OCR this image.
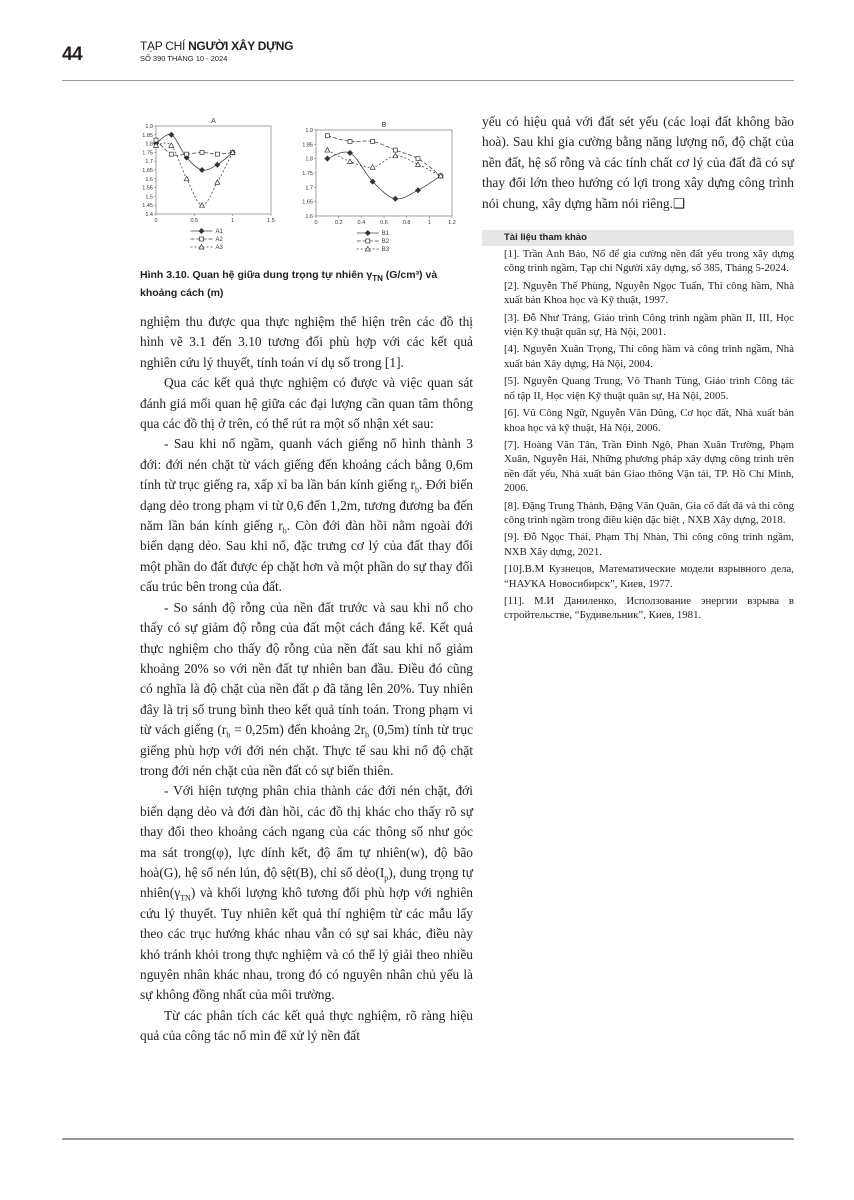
44	TẠP CHÍ NGƯỜI XÂY DỰNG
SỐ 390 THÁNG 10 - 2024
A
1.9
1.85
1.8
1.75
1.7
1.65
1.6
1.55
1.5
1.45
1.4
0	0.5	1	1.5
A1
A2
A3
B
1.9
1.85
1.8
1.75
1.7
1.65
1.6
0	0.2	0.4	0.6	0.8	1	1.2
B1
B2
B3
Hình 3.10. Quan hệ giữa dung trọng tự nhiên $\gamma_{TN}$ (G/cm³) và khoảng cách (m)

nghiệm thu được qua thực nghiệm thể hiện trên các đồ thị hình vẽ 3.1 đến 3.10 tương đối phù hợp với các kết quả nghiên cứu lý thuyết, tính toán ví dụ số trong [1].

Qua các kết quả thực nghiệm có được và việc quan sát đánh giá mối quan hệ giữa các đại lượng cần quan tâm thông qua các đồ thị ở trên, có thể rút ra một số nhận xét sau:

- Sau khi nổ ngầm, quanh vách giếng nổ hình thành 3 đới: đới nén chặt từ vách giếng đến khoảng cách bằng 0,6m tính từ trục giếng ra, xấp xỉ ba lần bán kính giếng $r_b$. Đới biến dạng dẻo trong phạm vi từ 0,6 đến 1,2m, tương đương ba đến năm lần bán kính giếng $r_b$. Còn đới đàn hồi nằm ngoài đới biến dạng dẻo. Sau khi nổ, đặc trưng cơ lý của đất thay đổi một phần do đất được ép chặt hơn và một phần do sự thay đổi cấu trúc bên trong của đất.

- So sánh độ rỗng của nền đất trước và sau khi nổ cho thấy có sự giảm độ rỗng của đất một cách đáng kể. Kết quả thực nghiệm cho thấy độ rỗng của nền đất sau khi nổ giảm khoảng 20% so với nền đất tự nhiên ban đầu. Điều đó cũng có nghĩa là độ chặt của nền đất ρ đã tăng lên 20%. Tuy nhiên đây là trị số trung bình theo kết quả tính toán. Trong phạm vi từ vách giếng $(r_b = 0,25m)$ đến khoảng $2r_b$ (0,5m) tính từ trục giếng phù hợp với đới nén chặt. Thực tế sau khi nổ độ chặt trong đới nén chặt của nền đất có sự biến thiên.

- Với hiện tượng phân chia thành các đới nén chặt, đới biến dạng dẻo và đới đàn hồi, các đồ thị khác cho thấy rõ sự thay đổi theo khoảng cách ngang của các thông số như góc ma sát trong(φ), lực dính kết, độ ẩm tự nhiên(w), độ bão hoà(G), hệ số nén lún, độ sệt(B), chỉ số $dẻo(I_p)$, dung trọng tự $nhiên(\gamma_{TN})$ và khối lượng khô tương đối phù hợp với nghiên cứu lý thuyết. Tuy nhiên kết quả thí nghiệm từ các mẫu lấy theo các trục hướng khác nhau vẫn có sự sai khác, điều này khó tránh khỏi trong thực nghiệm và có thể lý giải theo nhiều nguyên nhân khác nhau, trong đó có nguyên nhân chủ yếu là sự không đồng nhất của môi trường.

Từ các phân tích các kết quả thực nghiệm, rõ ràng hiệu quả của công tác nổ mìn để xử lý nền đất

yếu có hiệu quả với đất sét yếu (các loại đất không bão hoà). Sau khi gia cường bằng năng lượng nổ, độ chặt của nền đất, hệ số rỗng và các tính chất cơ lý của đất đã có sự thay đổi lớn theo hướng có lợi trong xây dựng công trình nói chung, xây dựng hầm nói riêng.❑

Tài liệu tham khảo
[1]. Trần Anh Bảo, Nổ để gia cường nền đất yếu trong xây dựng công trình ngầm, Tạp chí Người xây dựng, số 385, Tháng 5-2024.
[2]. Nguyễn Thế Phùng, Nguyễn Ngọc Tuấn, Thi công hầm, Nhà xuất bản Khoa học và Kỹ thuật, 1997.
[3]. Đỗ Như Tráng, Giáo trình Công trình ngầm phần II, III, Học viện Kỹ thuật quân sự, Hà Nội, 2001.
[4]. Nguyễn Xuân Trọng, Thi công hầm và công trình ngầm, Nhà xuất bản Xây dựng, Hà Nội, 2004.
[5]. Nguyễn Quang Trung, Võ Thanh Tùng, Giáo trình Công tác nổ tập II, Học viện Kỹ thuật quân sự, Hà Nội, 2005.
[6]. Vũ Công Ngữ, Nguyễn Văn Dũng, Cơ học đất, Nhà xuất bản khoa học và kỹ thuật, Hà Nội, 2006.
[7]. Hoàng Văn Tân, Trần Đình Ngô, Phan Xuân Trường, Phạm Xuân, Nguyễn Hải, Những phương pháp xây dựng công trình trên nền đất yếu, Nhà xuất bản Giao thông Vận tải, TP. Hồ Chí Minh, 2006.
[8]. Đặng Trung Thành, Đặng Văn Quân, Gia cố đất đá và thi công công trình ngầm trong điều kiện đặc biệt , NXB Xây dựng, 2018.
[9]. Đỗ Ngọc Thái, Phạm Thị Nhàn, Thi công công trình ngầm, NXB Xây dựng, 2021.
[10].В.М Кузнецов, Математические модели взрывного дела, “НАУКА Новосибирск”, Киев, 1977.
[11]. М.И Даниленко, Исползование энергии взрыва в стройтельстве, “Будивельник”, Киев, 1981.
